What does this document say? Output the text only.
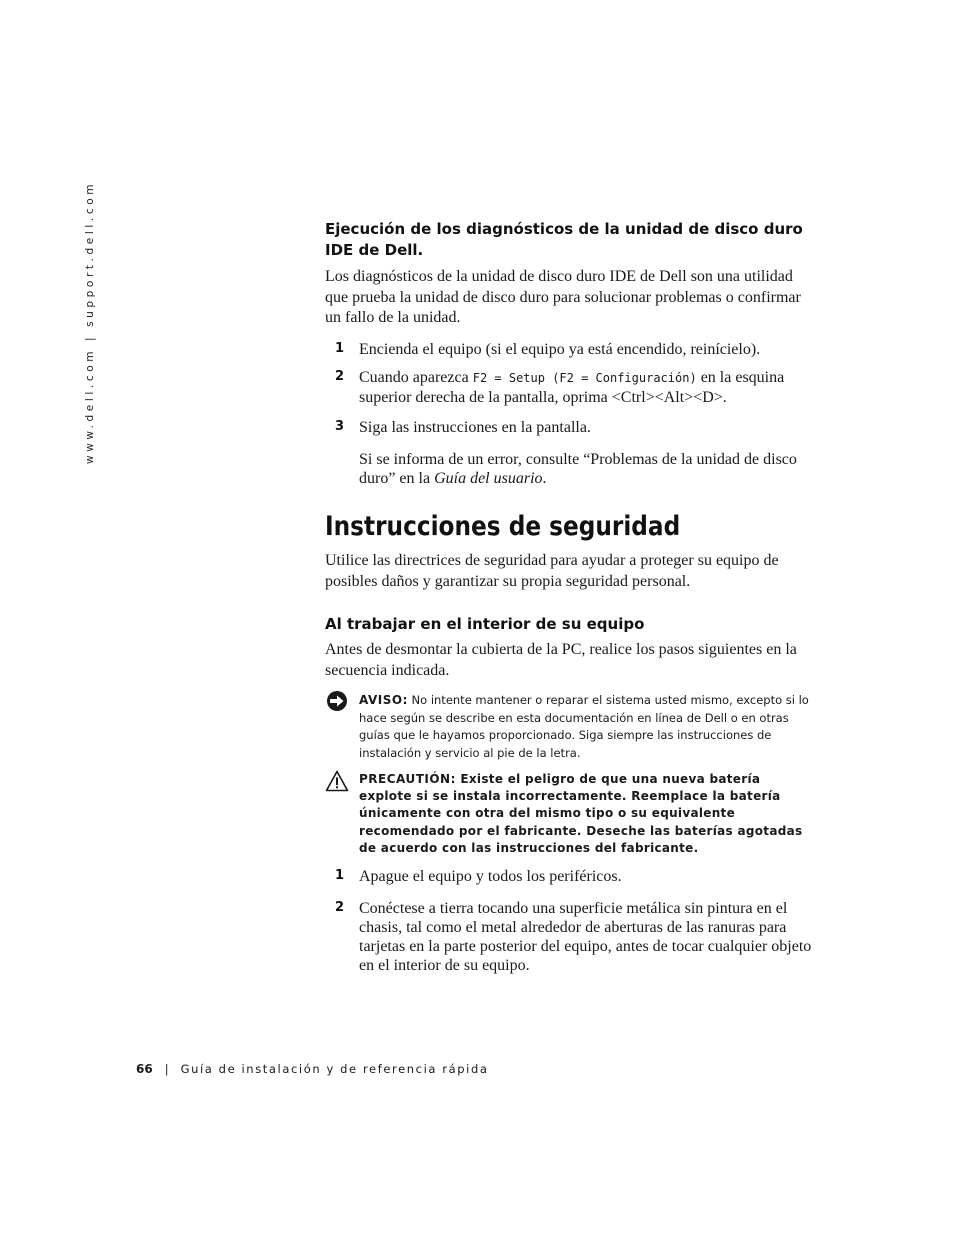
www.dell.com | support.dell.com	Ejecución de los diagnósticos de la unidad de disco duro IDE de Dell.
Los diagnósticos de la unidad de disco duro IDE de Dell son una utilidad que prueba la unidad de disco duro para solucionar problemas o confirmar un fallo de la unidad.
1 Encienda el equipo (si el equipo ya está encendido, reinícielo).
2 Cuando aparezca F2 = Setup (F2 = Configuración) en la esquina superior derecha de la pantalla, oprima <Ctrl><Alt><D>.
3 Siga las instrucciones en la pantalla.
Si se informa de un error, consulte “Problemas de la unidad de disco duro” en la Guía del usuario.
Instrucciones de seguridad
Utilice las directrices de seguridad para ayudar a proteger su equipo de posibles daños y garantizar su propia seguridad personal.
Al trabajar en el interior de su equipo
Antes de desmontar la cubierta de la PC, realice los pasos siguientes en la secuencia indicada.
AVISO: No intente mantener o reparar el sistema usted mismo, excepto si lo hace según se describe en esta documentación en línea de Dell o en otras guías que le hayamos proporcionado. Siga siempre las instrucciones de instalación y servicio al pie de la letra.
PRECAUTIÓN: Existe el peligro de que una nueva batería explote si se instala incorrectamente. Reemplace la batería únicamente con otra del mismo tipo o su equivalente recomendado por el fabricante. Deseche las baterías agotadas de acuerdo con las instrucciones del fabricante.
1 Apague el equipo y todos los periféricos.
2 Conéctese a tierra tocando una superficie metálica sin pintura en el chasis, tal como el metal alrededor de aberturas de las ranuras para tarjetas en la parte posterior del equipo, antes de tocar cualquier objeto en el interior de su equipo.
66 | Guía de instalación y de referencia rápida
